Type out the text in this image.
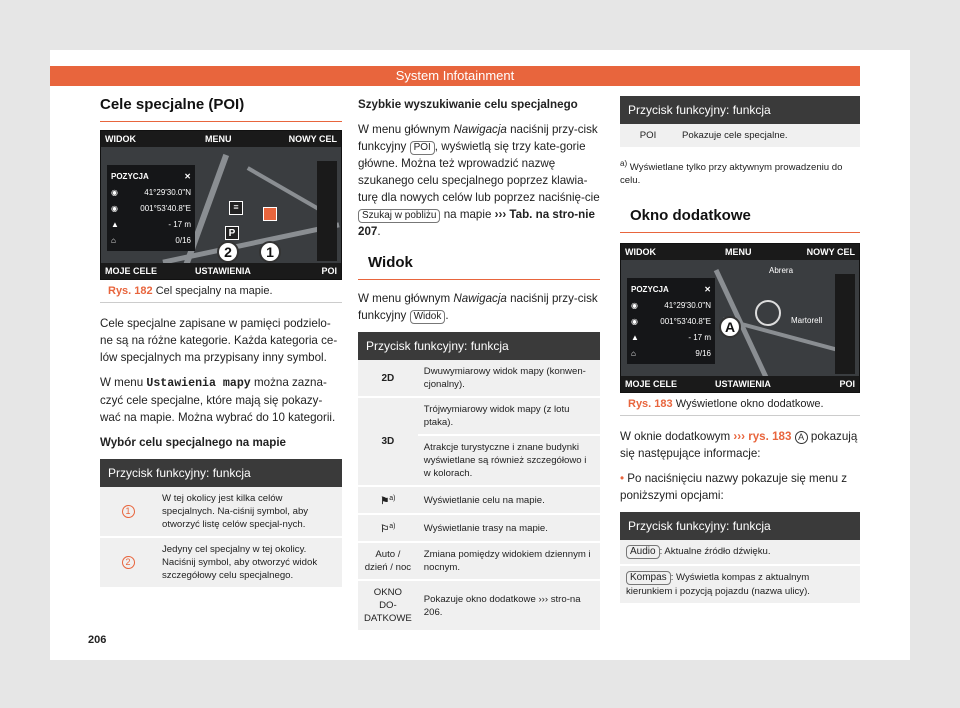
System Infotainment
Cele specjalne (POI)
WIDOK	MENU	NOWY CEL
POZYCJA	✕
◉	41°29'30.0"N
◉	001°53'40.8"E
▲	- 17 m
⌂	0/16
≡
P
2	1
MOJE CELE	USTAWIENIA	POI
Rys. 182 Cel specjalny na mapie.

Cele specjalne zapisane w pamięci podzielo-ne są na różne kategorie. Każda kategoria ce-lów specjalnych ma przypisany inny symbol.

W menu Ustawienia mapy można zazna-czyć cele specjalne, które mają się pokazy-wać na mapie. Można wybrać do 10 kategorii.

Wybór celu specjalnego na mapie

Przycisk funkcyjny: funkcja	
1	W tej okolicy jest kilka celów specjalnych. Na-ciśnij symbol, aby otworzyć listę celów specjal-nych.
2	Jedyny cel specjalny w tej okolicy. Naciśnij symbol, aby otworzyć widok szczegółowy celu specjalnego.

Szybkie wyszukiwanie celu specjalnego

W menu głównym Nawigacja naciśnij przy-cisk funkcyjny POI , wyświetlą się trzy kate-gorie główne. Można też wprowadzić nazwę szukanego celu specjalnego poprzez klawia-turę dla nowych celów lub poprzez naciśnię-cie Szukaj w pobliżu na mapie ››› Tab. na stro-nie 207.

Widok

W menu głównym Nawigacja naciśnij przy-cisk funkcyjny Widok .

Przycisk funkcyjny: funkcja	
2D	Dwuwymiarowy widok mapy (konwen-cjonalny).
3D	Trójwymiarowy widok mapy (z lotu ptaka).
	Atrakcje turystyczne i znane budynki wyświetlane są również szczegółowo i w kolorach.
⚑$^{a)}$	Wyświetlanie celu na mapie.
⚐$^{a)}$	Wyświetlanie trasy na mapie.
Auto / dzień / noc	Zmiana pomiędzy widokiem dziennym i nocnym.
OKNO DO-DATKOWE	Pokazuje okno dodatkowe ››› stro-na 206.
Przycisk funkcyjny: funkcja
POI	Pokazuje cele specjalne.
$^{a)}$ Wyświetlane tylko przy aktywnym prowadzeniu do celu.
Okno dodatkowe
WIDOK	MENU	NOWY CEL
Abrera
Martorell
POZYCJA	✕
◉	41°29'30.0"N
◉	001°53'40.8"E
▲	- 17 m
⌂	9/16
A
MOJE CELE	USTAWIENIA	POI
Rys. 183 Wyświetlone okno dodatkowe.

W oknie dodatkowym ››› rys. 183 A pokazują się następujące informacje:

• Po naciśnięciu nazwy pokazuje się menu z poniższymi opcjami:

Przycisk funkcyjny: funkcja
Audio : Aktualne źródło dźwięku.
Kompas : Wyświetla kompas z aktualnym kierunkiem i pozycją pojazdu (nazwa ulicy).
206
